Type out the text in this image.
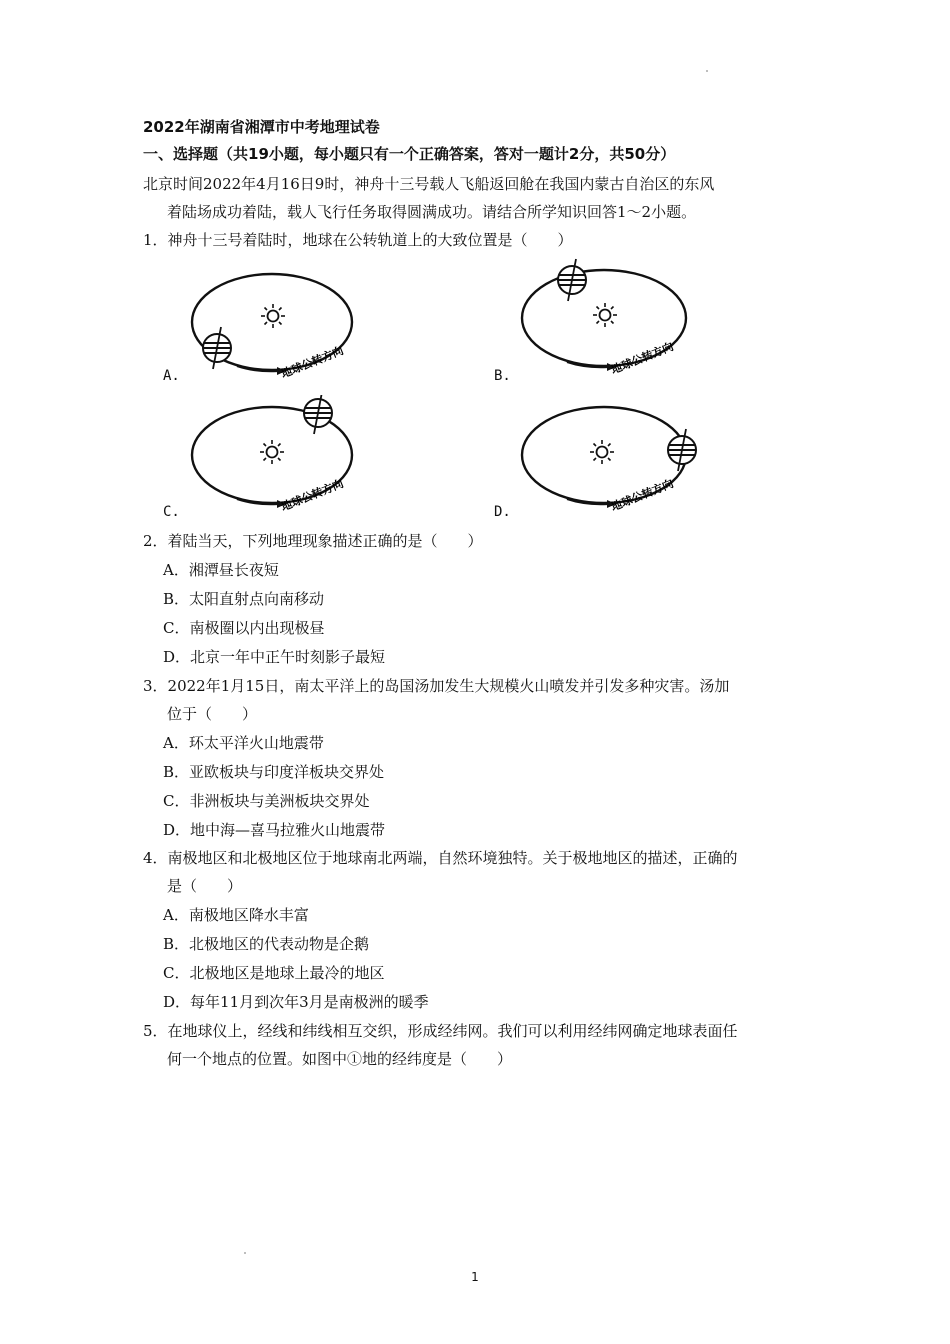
2022年湖南省湘潭市中考地理试卷
一、选择题（共19小题，每小题只有一个正确答案，答对一题计2分，共50分）
北京时间2022年4月16日9时，神舟十三号载人飞船返回舱在我国内蒙古自治区的东风
着陆场成功着陆，载人飞行任务取得圆满成功。请结合所学知识回答1～2小题。
1．神舟十三号着陆时，地球在公转轨道上的大致位置是（　　）
地球公转方向
A.	地球公转方向
B.
地球公转方向
C.	地球公转方向
D.
2．着陆当天，下列地理现象描述正确的是（　　）
A．湘潭昼长夜短
B．太阳直射点向南移动
C．南极圈以内出现极昼
D．北京一年中正午时刻影子最短
3．2022年1月15日，南太平洋上的岛国汤加发生大规模火山喷发并引发多种灾害。汤加
位于（　　）
A．环太平洋火山地震带
B．亚欧板块与印度洋板块交界处
C．非洲板块与美洲板块交界处
D．地中海—喜马拉雅火山地震带
4．南极地区和北极地区位于地球南北两端，自然环境独特。关于极地地区的描述，正确的
是（　　）
A．南极地区降水丰富
B．北极地区的代表动物是企鹅
C．北极地区是地球上最冷的地区
D．每年11月到次年3月是南极洲的暖季
5．在地球仪上，经线和纬线相互交织，形成经纬网。我们可以利用经纬网确定地球表面任
何一个地点的位置。如图中①地的经纬度是（　　）
1
